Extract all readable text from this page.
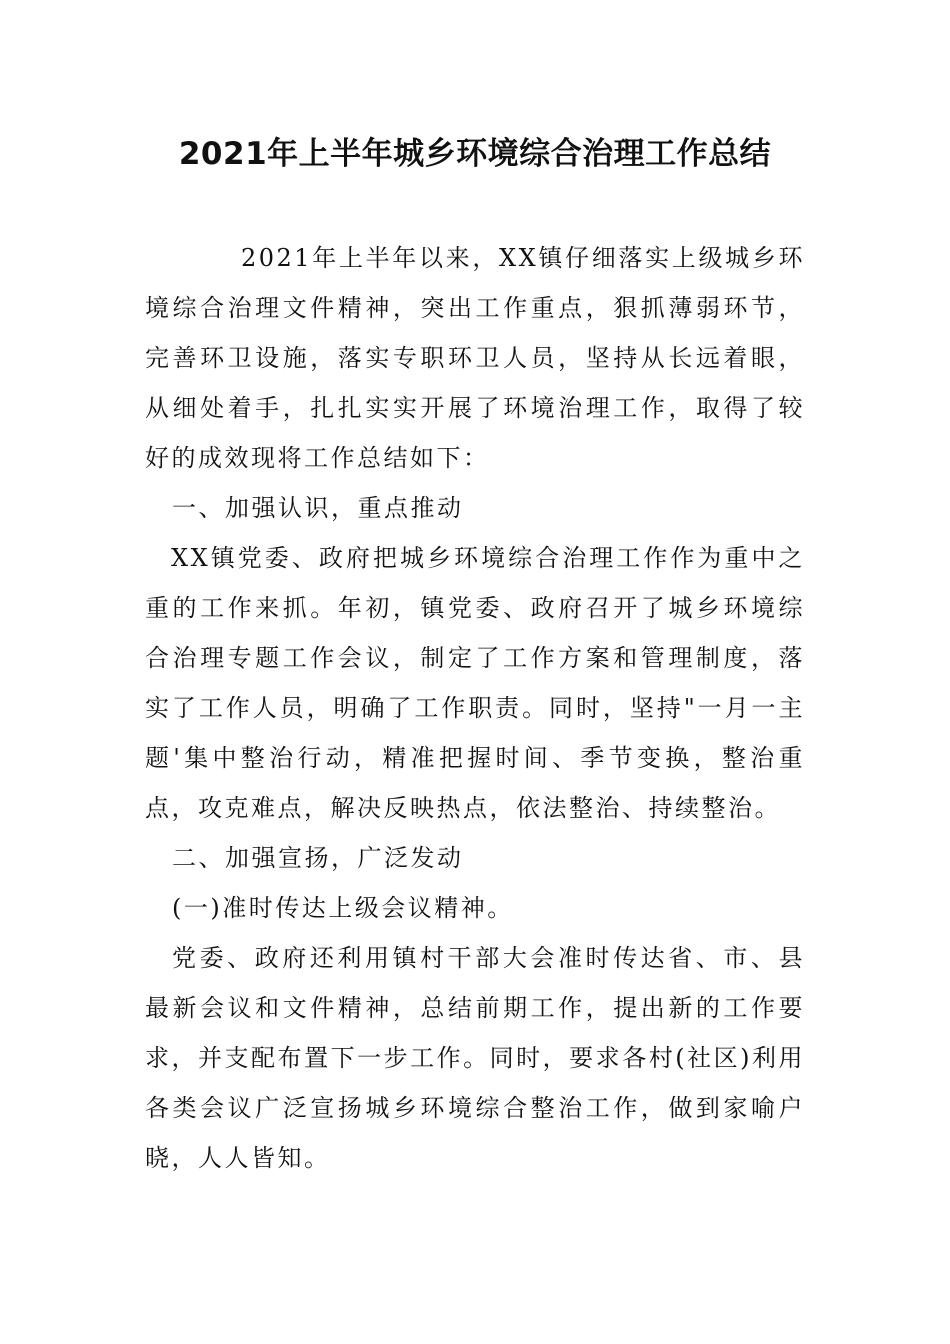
2021年上半年城乡环境综合治理工作总结

2021年上半年以来，XX镇仔细落实上级城乡环境综合治理文件精神，突出工作重点，狠抓薄弱环节，完善环卫设施，落实专职环卫人员，坚持从长远着眼，从细处着手，扎扎实实开展了环境治理工作，取得了较好的成效现将工作总结如下：

一、加强认识，重点推动

XX镇党委、政府把城乡环境综合治理工作作为重中之重的工作来抓。年初，镇党委、政府召开了城乡环境综合治理专题工作会议，制定了工作方案和管理制度，落实了工作人员，明确了工作职责。同时，坚持"一月一主题'集中整治行动，精准把握时间、季节变换，整治重点，攻克难点，解决反映热点，依法整治、持续整治。

二、加强宣扬，广泛发动

(一)准时传达上级会议精神。

党委、政府还利用镇村干部大会准时传达省、市、县最新会议和文件精神，总结前期工作，提出新的工作要求，并支配布置下一步工作。同时，要求各村(社区)利用各类会议广泛宣扬城乡环境综合整治工作，做到家喻户晓，人人皆知。
